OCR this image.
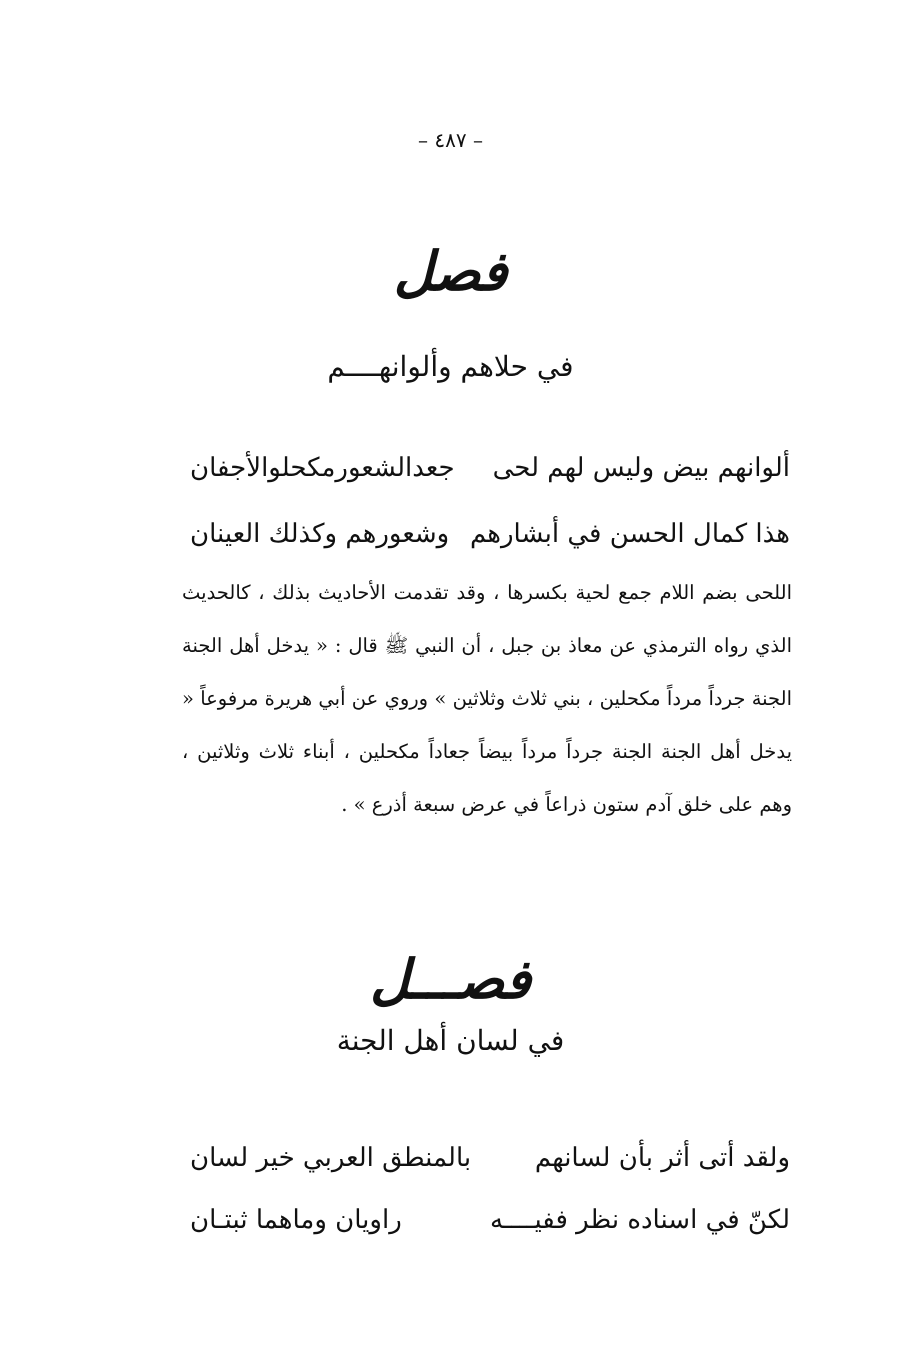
– ٤٨٧ –
فصل
في حلاهم وألوانهــــم
ألوانهم بيض وليس لهم لحى
جعدالشعورمكحلوالأجفان
هذا كمال الحسن في أبشارهم
وشعورهم وكذلك العينان

اللحى بضم اللام جمع لحية بكسرها ، وقد تقدمت الأحاديث بذلك ، كالحديث الذي رواه الترمذي عن معاذ بن جبل ، أن النبي ﷺ قال : « يدخل أهل الجنة الجنة جرداً مرداً مكحلين ، بني ثلاث وثلاثين » وروي عن أبي هريرة مرفوعاً « يدخل أهل الجنة الجنة جرداً مرداً بيضاً جعاداً مكحلين ، أبناء ثلاث وثلاثين ، وهم على خلق آدم ستون ذراعاً في عرض سبعة أذرع » .

فصـــل
في لسان أهل الجنة
ولقد أتى أثر بأن لسانهم
بالمنطق العربي خير لسان
لكنّ في اسناده نظر ففيــــه
راويان وماهما ثبتـان
